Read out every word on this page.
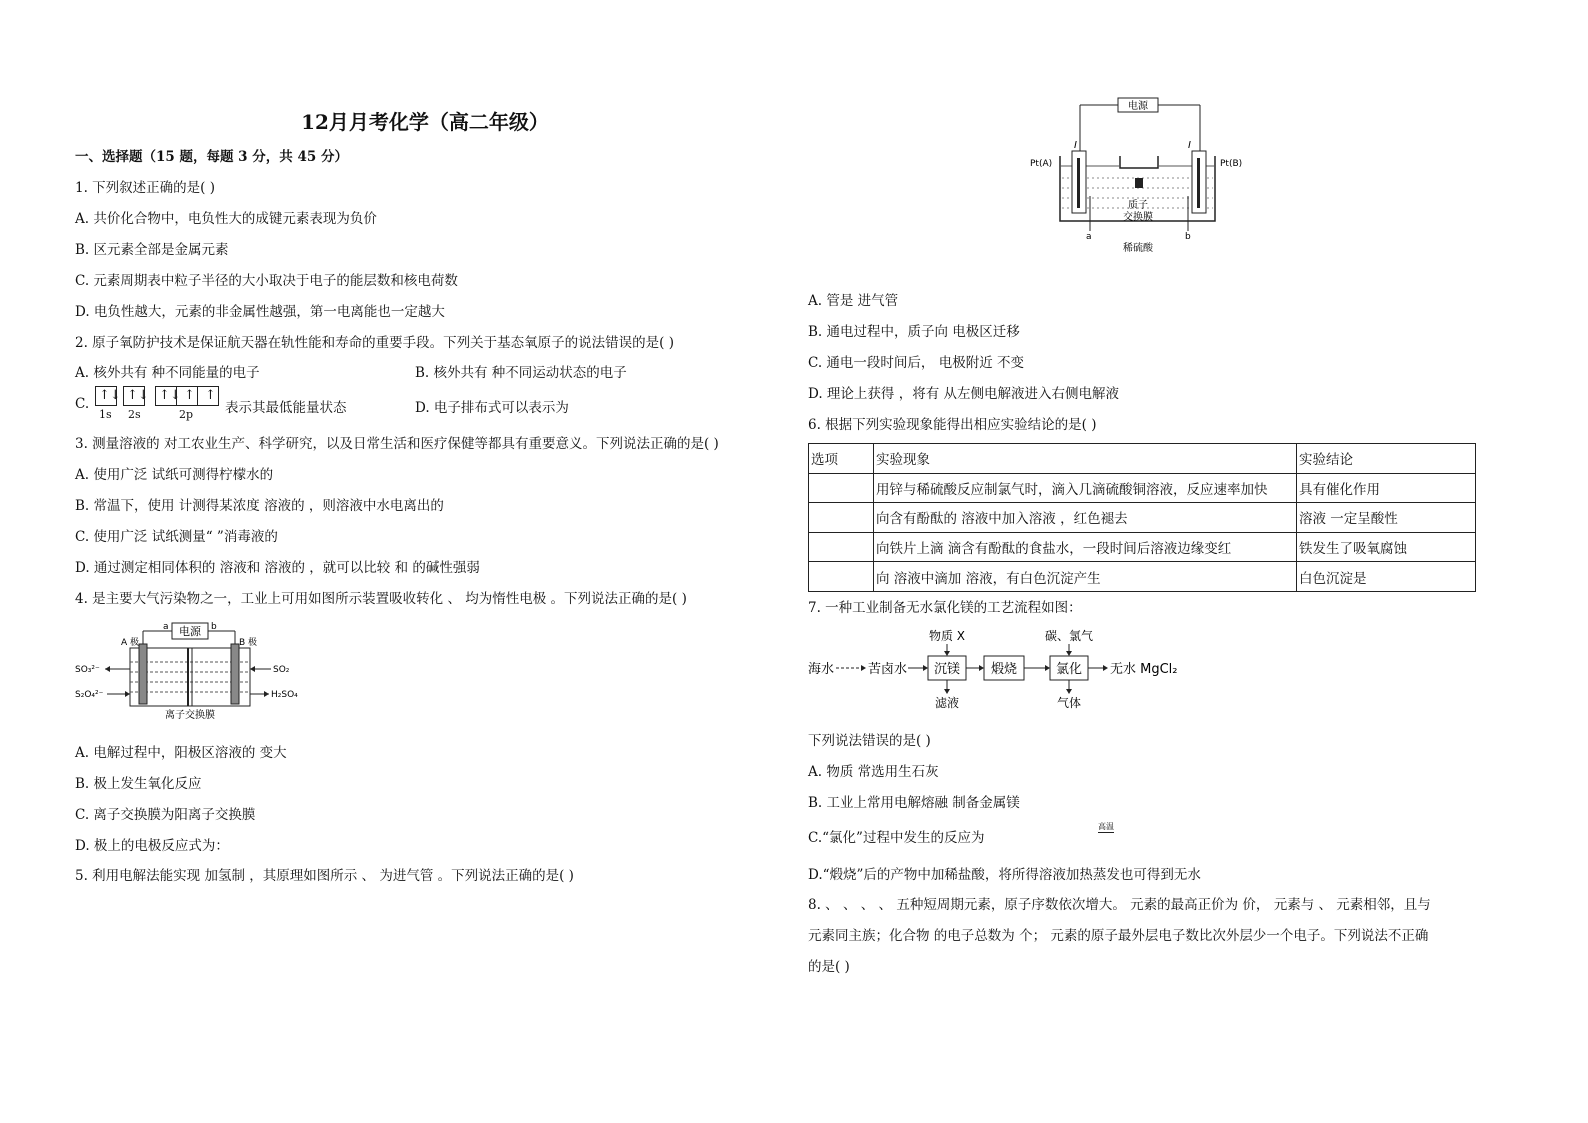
12月月考化学（高二年级）
一、选择题（15 题，每题 3 分，共 45 分）
1. 下列叙述正确的是( )
A. 共价化合物中，电负性大的成键元素表现为负价
B. 区元素全部是金属元素
C. 元素周期表中粒子半径的大小取决于电子的能层数和核电荷数
D. 电负性越大，元素的非金属性越强，第一电离能也一定越大
2. 原子氧防护技术是保证航天器在轨性能和寿命的重要手段。下列关于基态氧原子的说法错误的是( )
A. 核外共有 种不同能量的电子	B. 核外共有 种不同运动状态的电子
C.
↑↓ ↑↓ ↑↓ ↑ ↑
1s 2s	2p 表示其最低能量状态	D. 电子排布式可以表示为
3. 测量溶液的 对工农业生产、科学研究，以及日常生活和医疗保健等都具有重要意义。下列说法正确的是( )
A. 使用广泛 试纸可测得柠檬水的
B. 常温下，使用 计测得某浓度 溶液的 ，则溶液中水电离出的
C. 使用广泛 试纸测量“ ”消毒液的
D. 通过测定相同体积的 溶液和 溶液的 ，就可以比较 和 的碱性强弱
4. 是主要大气污染物之一，工业上可用如图所示装置吸收转化 、 均为惰性电极 。下列说法正确的是( )
电源
a	b
A 极	B 极
SO₃²⁻
S₂O₄²⁻
SO₂
H₂SO₄
离子交换膜
A. 电解过程中，阳极区溶液的 变大
B. 极上发生氧化反应
C. 离子交换膜为阳离子交换膜
D. 极上的电极反应式为：
5. 利用电解法能实现 加氢制 ，其原理如图所示 、 为进气管 。下列说法正确的是( )
电源
I	I
Pt(A)	Pt(B)
质子
交换膜
a	b
稀硫酸
A. 管是 进气管
B. 通电过程中，质子向 电极区迁移
C. 通电一段时间后， 电极附近 不变
D. 理论上获得 ，将有 从左侧电解液进入右侧电解液
6. 根据下列实验现象能得出相应实验结论的是( )
选项	实验现象	实验结论
	用锌与稀硫酸反应制氯气时，滴入几滴硫酸铜溶液，反应速率加快	具有催化作用
	向含有酚酞的 溶液中加入溶液 ，红色褪去	溶液 一定呈酸性
	向铁片上滴 滴含有酚酞的食盐水，一段时间后溶液边缘变红	铁发生了吸氧腐蚀
	向 溶液中滴加 溶液，有白色沉淀产生	白色沉淀是
7. 一种工业制备无水氯化镁的工艺流程如图：
海水	苦卤水 沉镁
物质 X
滤液
煅烧	氯化
碳、氯气
气体
无水 MgCl₂
下列说法错误的是( )
A. 物质 常选用生石灰
B. 工业上常用电解熔融 制备金属镁
C.“氯化”过程中发生的反应为
高温
D.“煅烧”后的产物中加稀盐酸，将所得溶液加热蒸发也可得到无水
8. 、 、 、 、 五种短周期元素，原子序数依次增大。 元素的最高正价为 价， 元素与 、 元素相邻，且与
元素同主族；化合物 的电子总数为 个； 元素的原子最外层电子数比次外层少一个电子。下列说法不正确
的是( )
